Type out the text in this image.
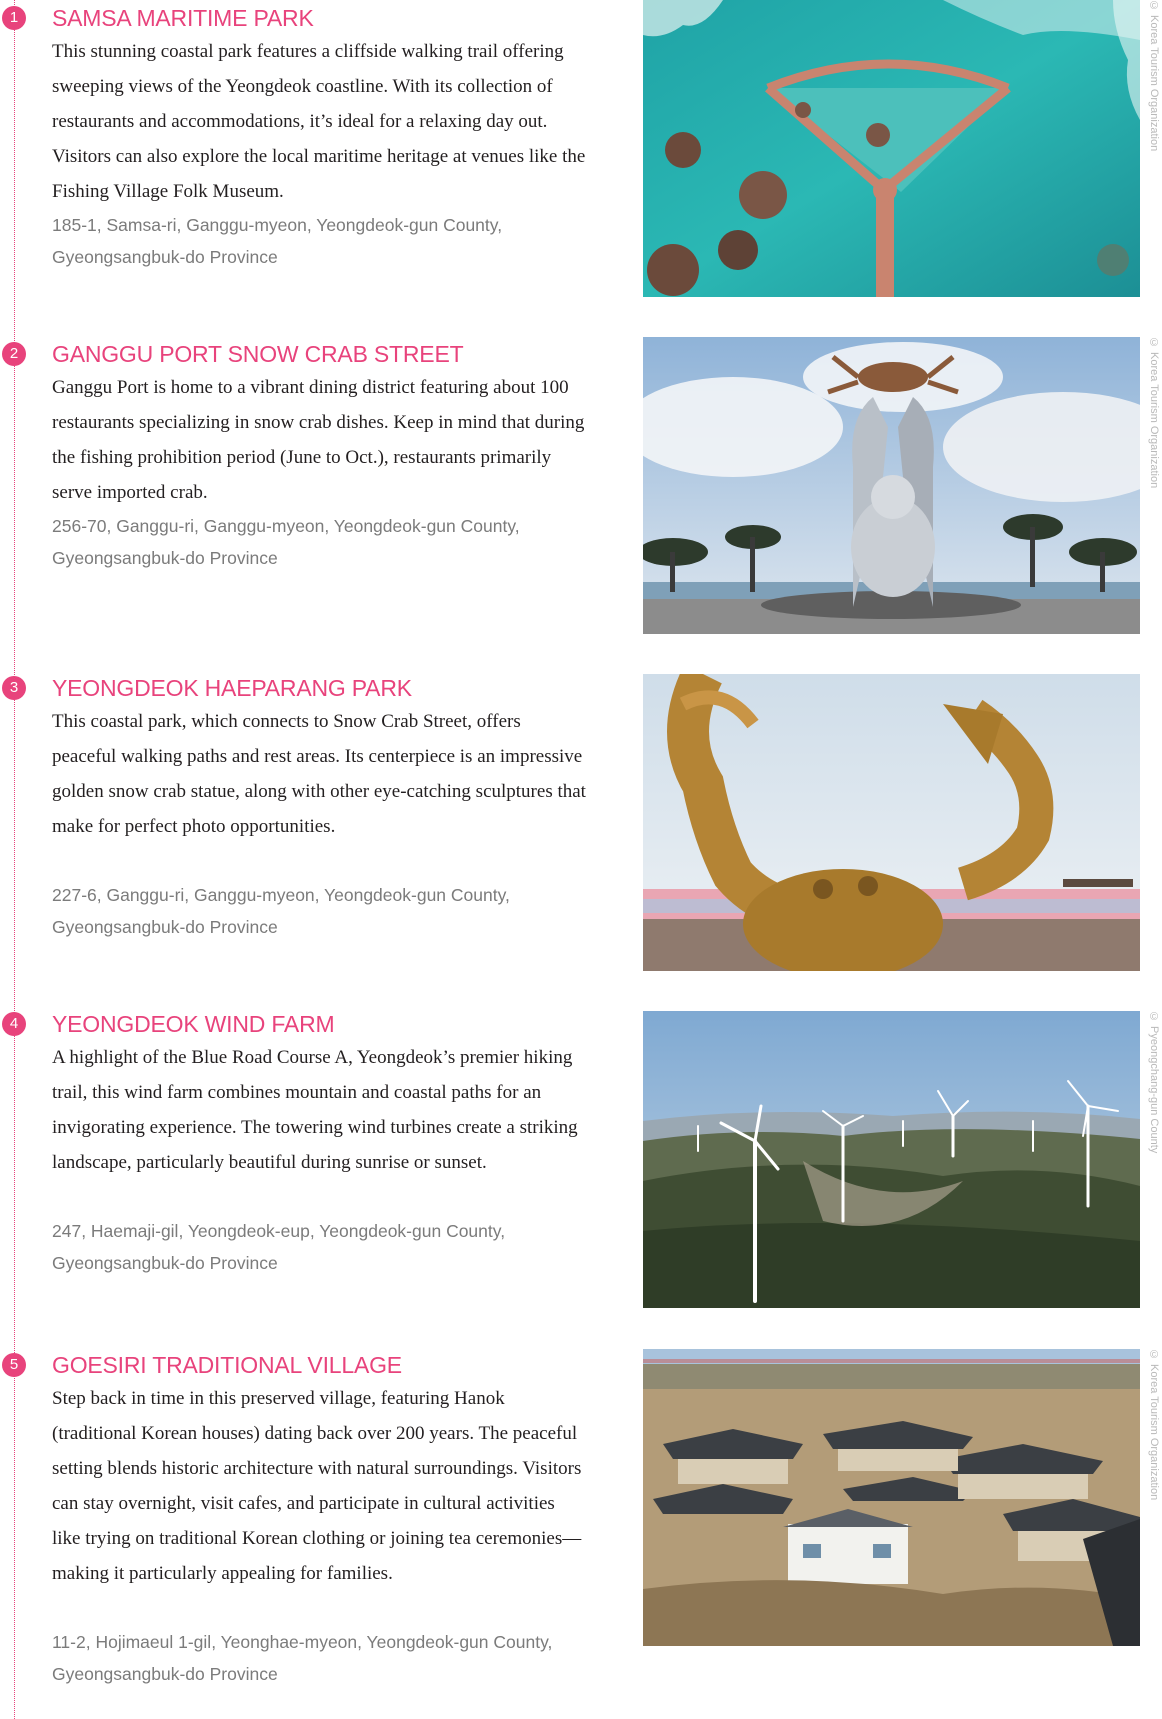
1	SAMSA MARITIME PARK

This stunning coastal park features a cliffside walking trail offering sweeping views of the Yeongdeok coastline. With its collection of restaurants and accommodations, it’s ideal for a relaxing day out. Visitors can also explore the local maritime heritage at venues like the Fishing Village Folk Museum.

185-1, Samsa-ri, Ganggu-myeon, Yeongdeok-gun County, Gyeongsangbuk-do Province

© Korea Tourism Organization
2	GANGGU PORT SNOW CRAB STREET

Ganggu Port is home to a vibrant dining district featuring about 100 restaurants specializing in snow crab dishes. Keep in mind that during the fishing prohibition period (June to Oct.), restaurants primarily serve imported crab.

256-70, Ganggu-ri, Ganggu-myeon, Yeongdeok-gun County, Gyeongsangbuk-do Province

© Korea Tourism Organization
3	YEONGDEOK HAEPARANG PARK

This coastal park, which connects to Snow Crab Street, offers peaceful walking paths and rest areas. Its centerpiece is an impressive golden snow crab statue, along with other eye-catching sculptures that make for perfect photo opportunities.

227-6, Ganggu-ri, Ganggu-myeon, Yeongdeok-gun County, Gyeongsangbuk-do Province

4	YEONGDEOK WIND FARM

A highlight of the Blue Road Course A, Yeongdeok’s premier hiking trail, this wind farm combines mountain and coastal paths for an invigorating experience. The towering wind turbines create a striking landscape, particularly beautiful during sunrise or sunset.

247, Haemaji-gil, Yeongdeok-eup, Yeongdeok-gun County, Gyeongsangbuk-do Province

© Pyeongchang-gun County
5	GOESIRI TRADITIONAL VILLAGE

Step back in time in this preserved village, featuring Hanok (traditional Korean houses) dating back over 200 years. The peaceful setting blends historic architecture with natural surroundings. Visitors can stay overnight, visit cafes, and participate in cultural activities like trying on traditional Korean clothing or joining tea ceremonies—making it particularly appealing for families.

11-2, Hojimaeul 1-gil, Yeonghae-myeon, Yeongdeok-gun County, Gyeongsangbuk-do Province

© Korea Tourism Organization
